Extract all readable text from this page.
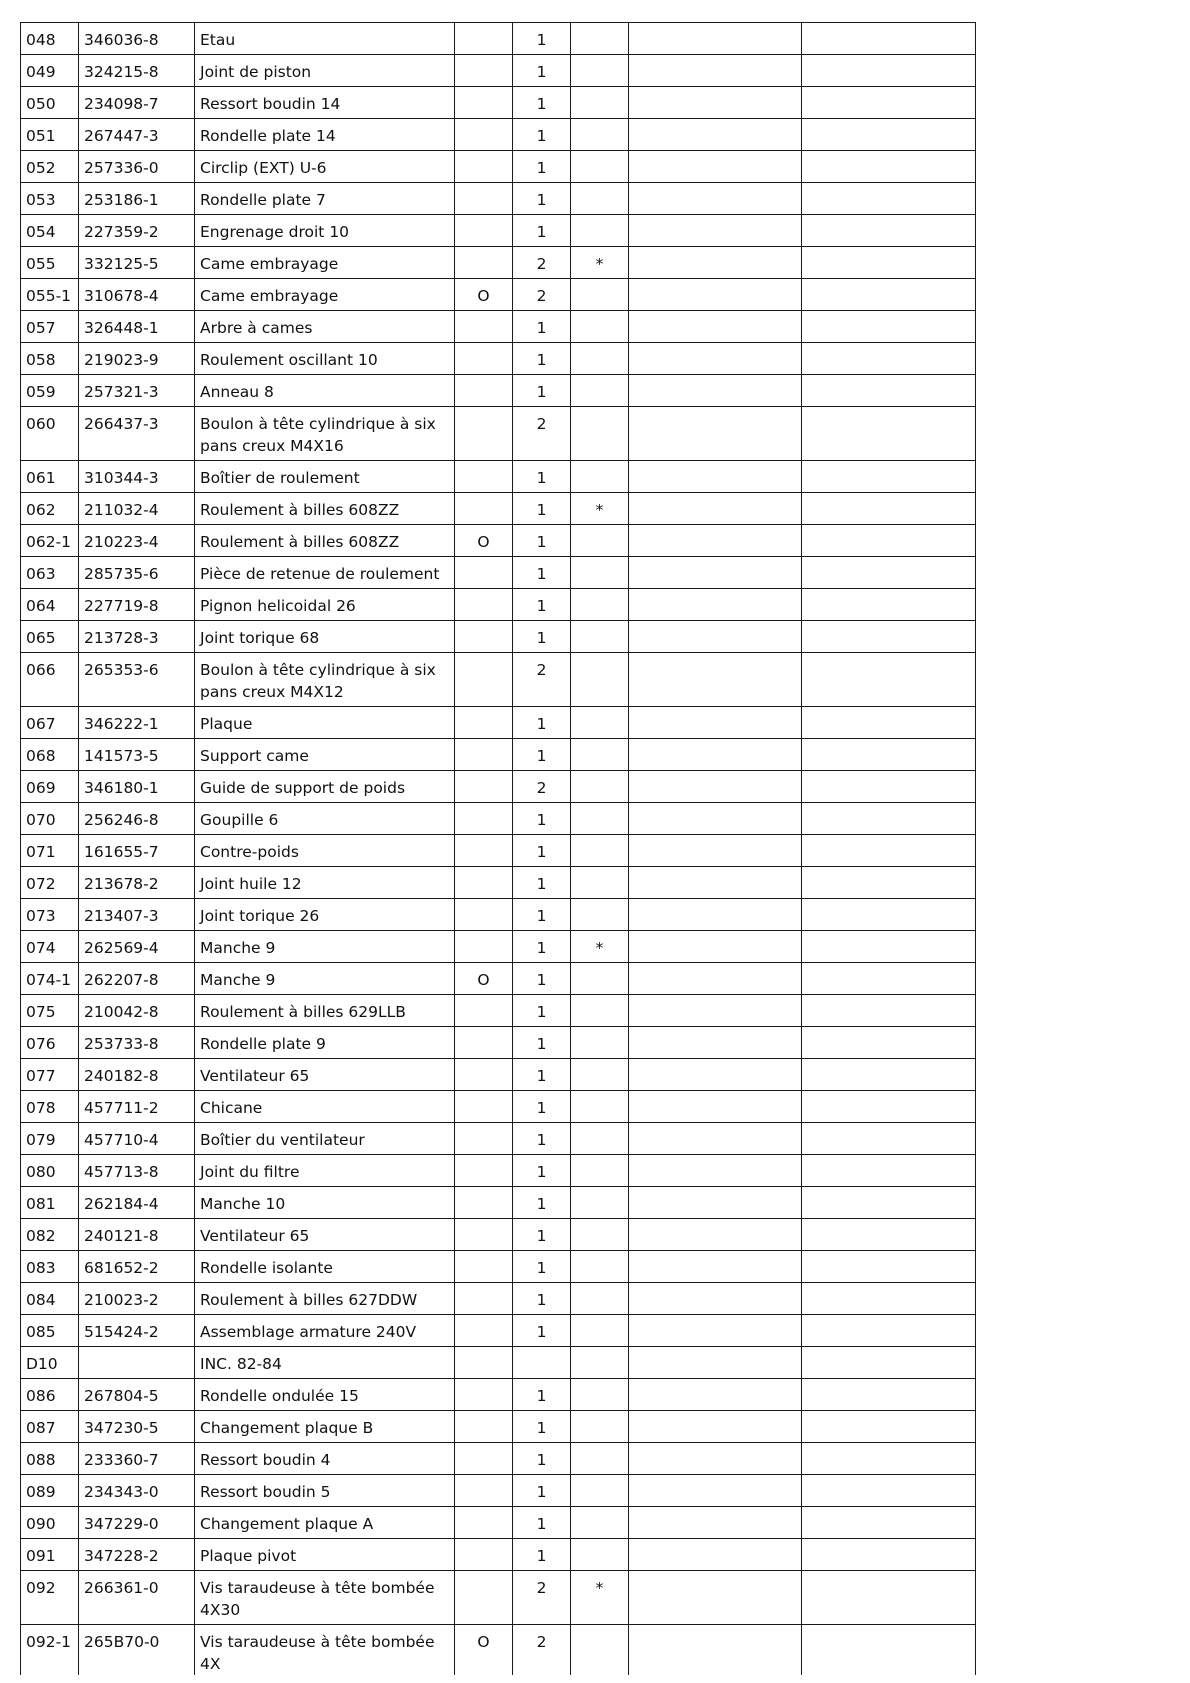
048	346036-8	Etau		1			
049	324215-8	Joint de piston		1			
050	234098-7	Ressort boudin 14		1			
051	267447-3	Rondelle plate 14		1			
052	257336-0	Circlip (EXT) U-6		1			
053	253186-1	Rondelle plate 7		1			
054	227359-2	Engrenage droit 10		1			
055	332125-5	Came embrayage		2	*		
055-1	310678-4	Came embrayage	O	2			
057	326448-1	Arbre à cames		1			
058	219023-9	Roulement oscillant 10		1			
059	257321-3	Anneau 8		1			
060	266437-3	Boulon à tête cylindrique à six pans creux M4X16		2			
061	310344-3	Boîtier de roulement		1			
062	211032-4	Roulement à billes 608ZZ		1	*		
062-1	210223-4	Roulement à billes 608ZZ	O	1			
063	285735-6	Pièce de retenue de roulement		1			
064	227719-8	Pignon helicoidal 26		1			
065	213728-3	Joint torique 68		1			
066	265353-6	Boulon à tête cylindrique à six pans creux M4X12		2			
067	346222-1	Plaque		1			
068	141573-5	Support came		1			
069	346180-1	Guide de support de poids		2			
070	256246-8	Goupille 6		1			
071	161655-7	Contre-poids		1			
072	213678-2	Joint huile 12		1			
073	213407-3	Joint torique 26		1			
074	262569-4	Manche 9		1	*		
074-1	262207-8	Manche 9	O	1			
075	210042-8	Roulement à billes 629LLB		1			
076	253733-8	Rondelle plate 9		1			
077	240182-8	Ventilateur 65		1			
078	457711-2	Chicane		1			
079	457710-4	Boîtier du ventilateur		1			
080	457713-8	Joint du filtre		1			
081	262184-4	Manche 10		1			
082	240121-8	Ventilateur 65		1			
083	681652-2	Rondelle isolante		1			
084	210023-2	Roulement à billes 627DDW		1			
085	515424-2	Assemblage armature 240V		1			
D10		INC. 82-84					
086	267804-5	Rondelle ondulée 15		1			
087	347230-5	Changement plaque B		1			
088	233360-7	Ressort boudin 4		1			
089	234343-0	Ressort boudin 5		1			
090	347229-0	Changement plaque A		1			
091	347228-2	Plaque pivot		1			
092	266361-0	Vis taraudeuse à tête bombée 4X30		2	*		
092-1	265B70-0	Vis taraudeuse à tête bombée 4X	O	2			
